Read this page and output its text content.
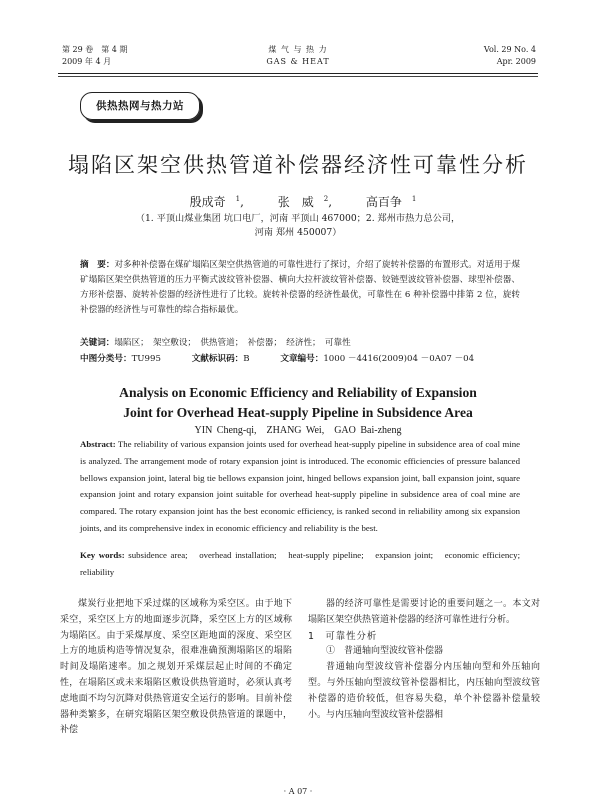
第 29 卷　第 4 期
2009 年 4 月
煤 气 与 热 力
GAS & HEAT
Vol. 29 No. 4
Apr. 2009
供热热网与热力站
塌陷区架空供热管道补偿器经济性可靠性分析
殷成奇 $^1$,	张　威 $^2$,	高百争 $^1$
（1. 平顶山煤业集团 坑口电厂，河南 平顶山 467000；2. 郑州市热力总公司，
河南 郑州 450007）
摘　要：对多种补偿器在煤矿塌陷区架空供热管道的可靠性进行了探讨，介绍了旋转补偿器的布置形式。对适用于煤矿塌陷区架空供热管道的压力平衡式波纹管补偿器、横向大拉杆波纹管补偿器、铰链型波纹管补偿器、球型补偿器、方形补偿器、旋转补偿器的经济性进行了比较。旋转补偿器的经济性最优，可靠性在 6 种补偿器中排第 2 位，旋转补偿器的经济性与可靠性的综合指标最优。
关键词：塌陷区；　架空敷设；　供热管道；　补偿器；　经济性；　可靠性
中图分类号：TU995	文献标识码：B	文章编号：1000 －4416(2009)04 －0A07 －04
Analysis on Economic Efficiency and Reliability of Expansion
Joint for Overhead Heat-supply Pipeline in Subsidence Area
YIN Cheng-qi,　ZHANG Wei,　GAO Bai-zheng
Abstract: The reliability of various expansion joints used for overhead heat-supply pipeline in subsidence area of coal mine is analyzed. The arrangement mode of rotary expansion joint is introduced. The economic efficiencies of pressure balanced bellows expansion joint, lateral big tie bellows expansion joint, hinged bellows expansion joint, ball expansion joint, square expansion joint and rotary expansion joint suitable for overhead heat-supply pipeline in subsidence area of coal mine are compared. The rotary expansion joint has the best economic efficiency, is ranked second in reliability among six expansion joints, and its comprehensive index in economic efficiency and reliability is the best.
Key words: subsidence area;　overhead installation;　heat-supply pipeline;　expansion joint;　economic efficiency;　reliability
煤炭行业把地下采过煤的区域称为采空区。由于地下采空，采空区上方的地面逐步沉降，采空区上方的区域称为塌陷区。由于采煤厚度、采空区距地面的深度、采空区上方的地质构造等情况复杂，很难准确预测塌陷区的塌陷时间及塌陷速率。加之规划开采煤层起止时间的不确定性，在塌陷区或未来塌陷区敷设供热管道时，必须认真考虑地面不均匀沉降对供热管道安全运行的影响。目前补偿器种类繁多，在研究塌陷区架空敷设供热管道的课题中，补偿
器的经济可靠性是需要讨论的重要问题之一。本文对塌陷区架空供热管道补偿器的经济可靠性进行分析。
1　可靠性分析
①　普通轴向型波纹管补偿器
普通轴向型波纹管补偿器分内压轴向型和外压轴向型。与外压轴向型波纹管补偿器相比，内压轴向型波纹管补偿器的造价较低，但容易失稳，单个补偿器补偿量较小。与内压轴向型波纹管补偿器相
· A 07 ·
